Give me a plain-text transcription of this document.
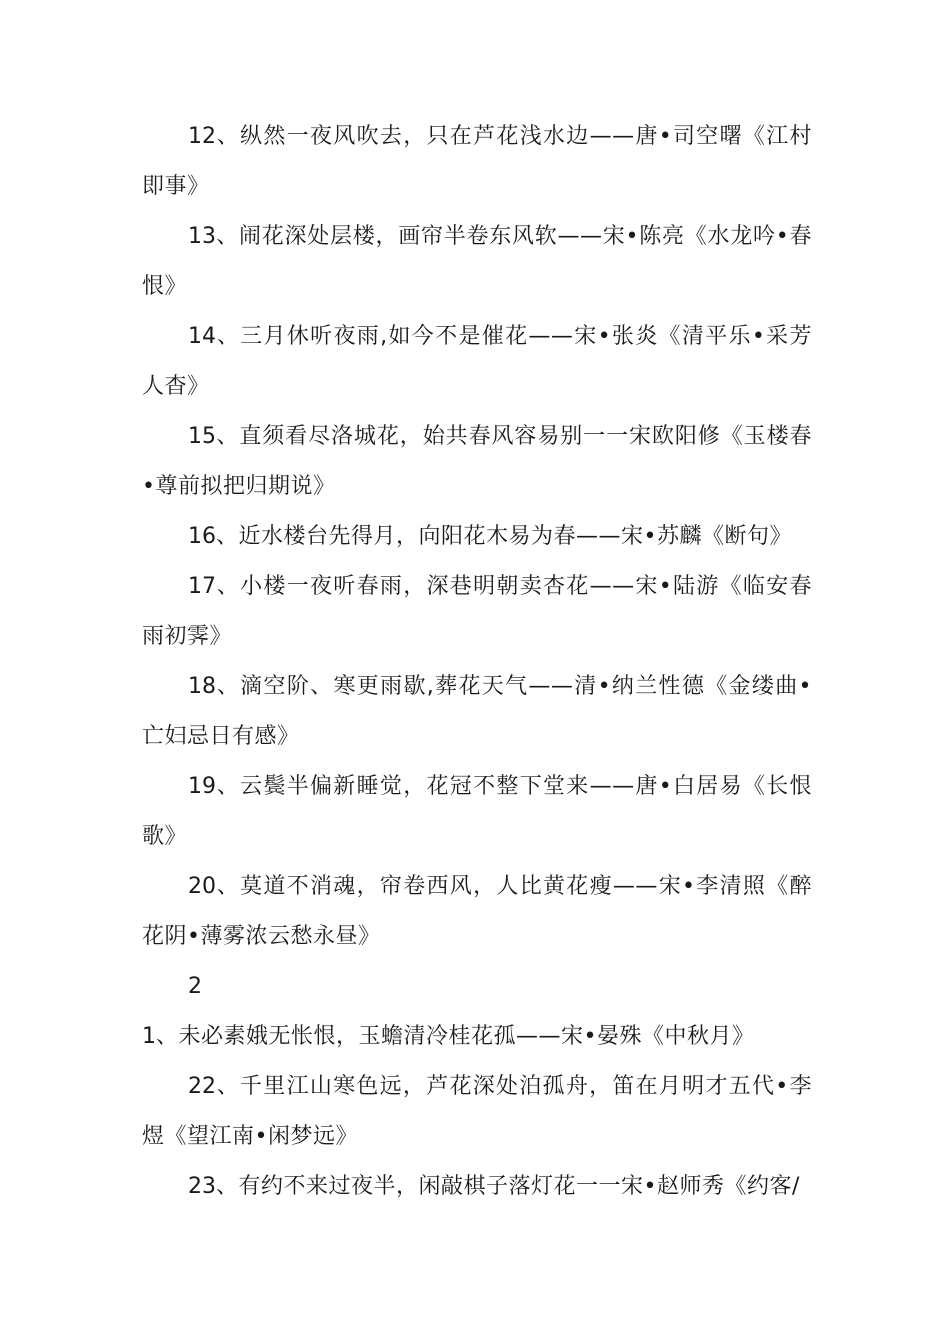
12、纵然一夜风吹去，只在芦花浅水边——唐•司空曙《江村即事》

13、闹花深处层楼，画帘半卷东风软——宋•陈亮《水龙吟•春恨》

14、三月休听夜雨,如今不是催花——宋•张炎《清平乐•采芳人杳》

15、直须看尽洛城花，始共春风容易别一一宋欧阳修《玉楼春•尊前拟把归期说》

16、近水楼台先得月，向阳花木易为春——宋•苏麟《断句》

17、小楼一夜听春雨，深巷明朝卖杏花——宋•陆游《临安春雨初霁》

18、滴空阶、寒更雨歇,葬花天气——清•纳兰性德《金缕曲•亡妇忌日有感》

19、云鬓半偏新睡觉，花冠不整下堂来——唐•白居易《长恨歌》

20、莫道不消魂，帘卷西风，人比黄花瘦——宋•李清照《醉花阴•薄雾浓云愁永昼》

21、未必素娥无怅恨，玉蟾清冷桂花孤——宋•晏殊《中秋月》

22、千里江山寒色远，芦花深处泊孤舟，笛在月明才五代•李煜《望江南•闲梦远》

23、有约不来过夜半，闲敲棋子落灯花一一宋•赵师秀《约客/
